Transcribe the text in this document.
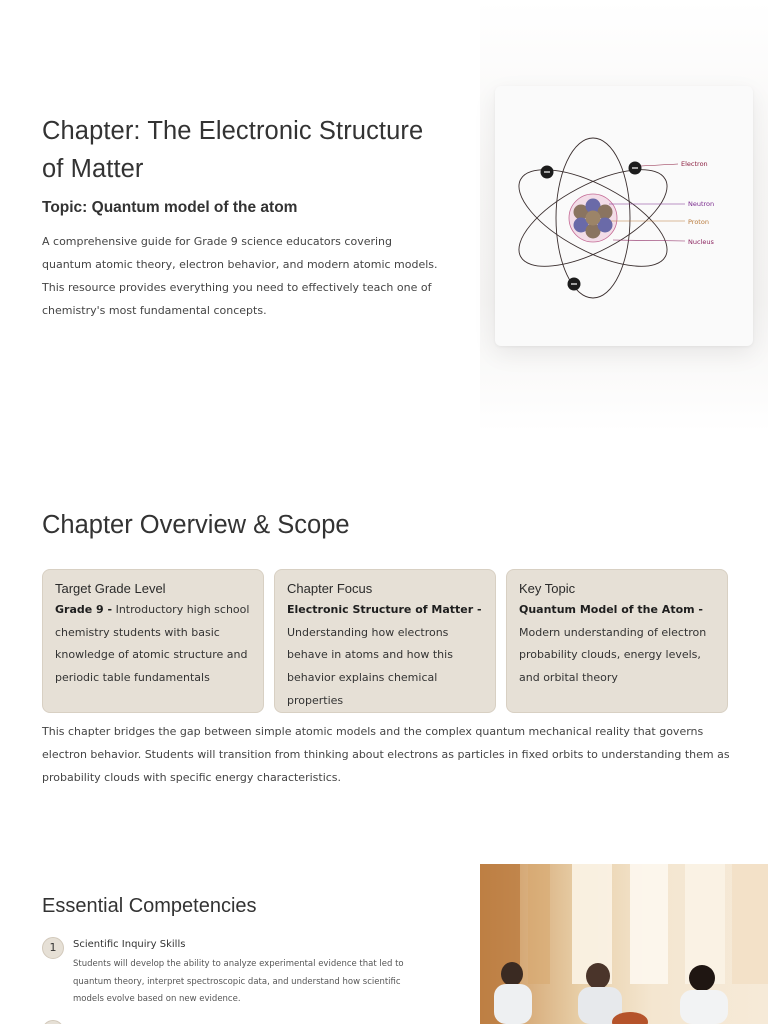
Chapter: The Electronic Structure of Matter
Topic: Quantum model of the atom

A comprehensive guide for Grade 9 science educators covering quantum atomic theory, electron behavior, and modern atomic models. This resource provides everything you need to effectively teach one of chemistry's most fundamental concepts.

Electron
Neutron
Proton
Nucleus
Chapter Overview & Scope
Target Grade Level
Grade 9 - Introductory high school chemistry students with basic knowledge of atomic structure and periodic table fundamentals
Chapter Focus
Electronic Structure of Matter - Understanding how electrons behave in atoms and how this behavior explains chemical properties
Key Topic
Quantum Model of the Atom - Modern understanding of electron probability clouds, energy levels, and orbital theory

This chapter bridges the gap between simple atomic models and the complex quantum mechanical reality that governs electron behavior. Students will transition from thinking about electrons as particles in fixed orbits to understanding them as probability clouds with specific energy characteristics.

Essential Competencies
1	Scientific Inquiry Skills
Students will develop the ability to analyze experimental evidence that led to quantum theory, interpret spectroscopic data, and understand how scientific models evolve based on new evidence.
